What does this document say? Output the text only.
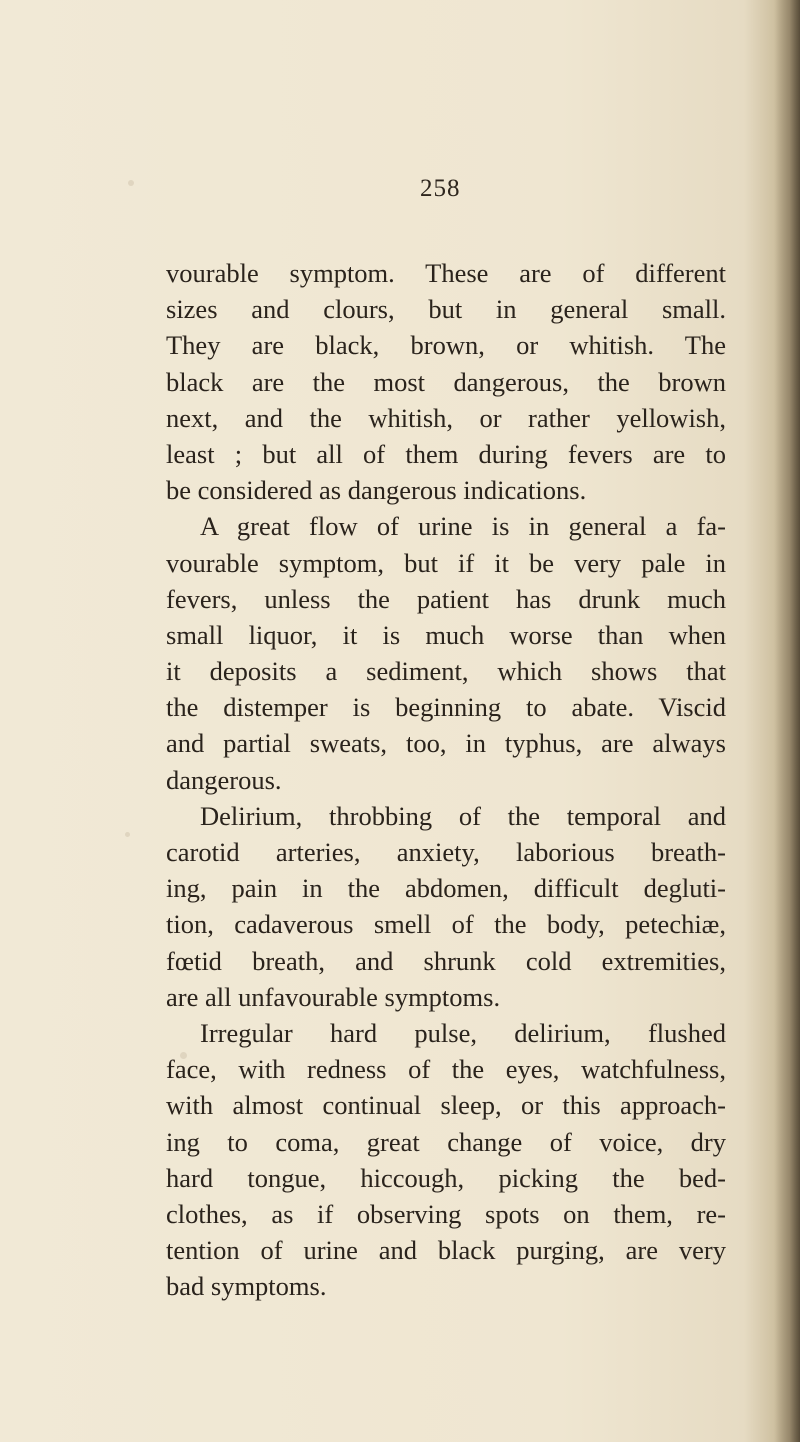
258
vourable symptom. These are of different
sizes and clours, but in general small.
They are black, brown, or whitish. The
black are the most dangerous, the brown
next, and the whitish, or rather yellowish,
least ; but all of them during fevers are to
be considered as dangerous indications.
A great flow of urine is in general a fa-
vourable symptom, but if it be very pale in
fevers, unless the patient has drunk much
small liquor, it is much worse than when
it deposits a sediment, which shows that
the distemper is beginning to abate. Viscid
and partial sweats, too, in typhus, are always
dangerous.
Delirium, throbbing of the temporal and
carotid arteries, anxiety, laborious breath-
ing, pain in the abdomen, difficult degluti-
tion, cadaverous smell of the body, petechiæ,
fœtid breath, and shrunk cold extremities,
are all unfavourable symptoms.
Irregular hard pulse, delirium, flushed
face, with redness of the eyes, watchfulness,
with almost continual sleep, or this approach-
ing to coma, great change of voice, dry
hard tongue, hiccough, picking the bed-
clothes, as if observing spots on them, re-
tention of urine and black purging, are very
bad symptoms.
